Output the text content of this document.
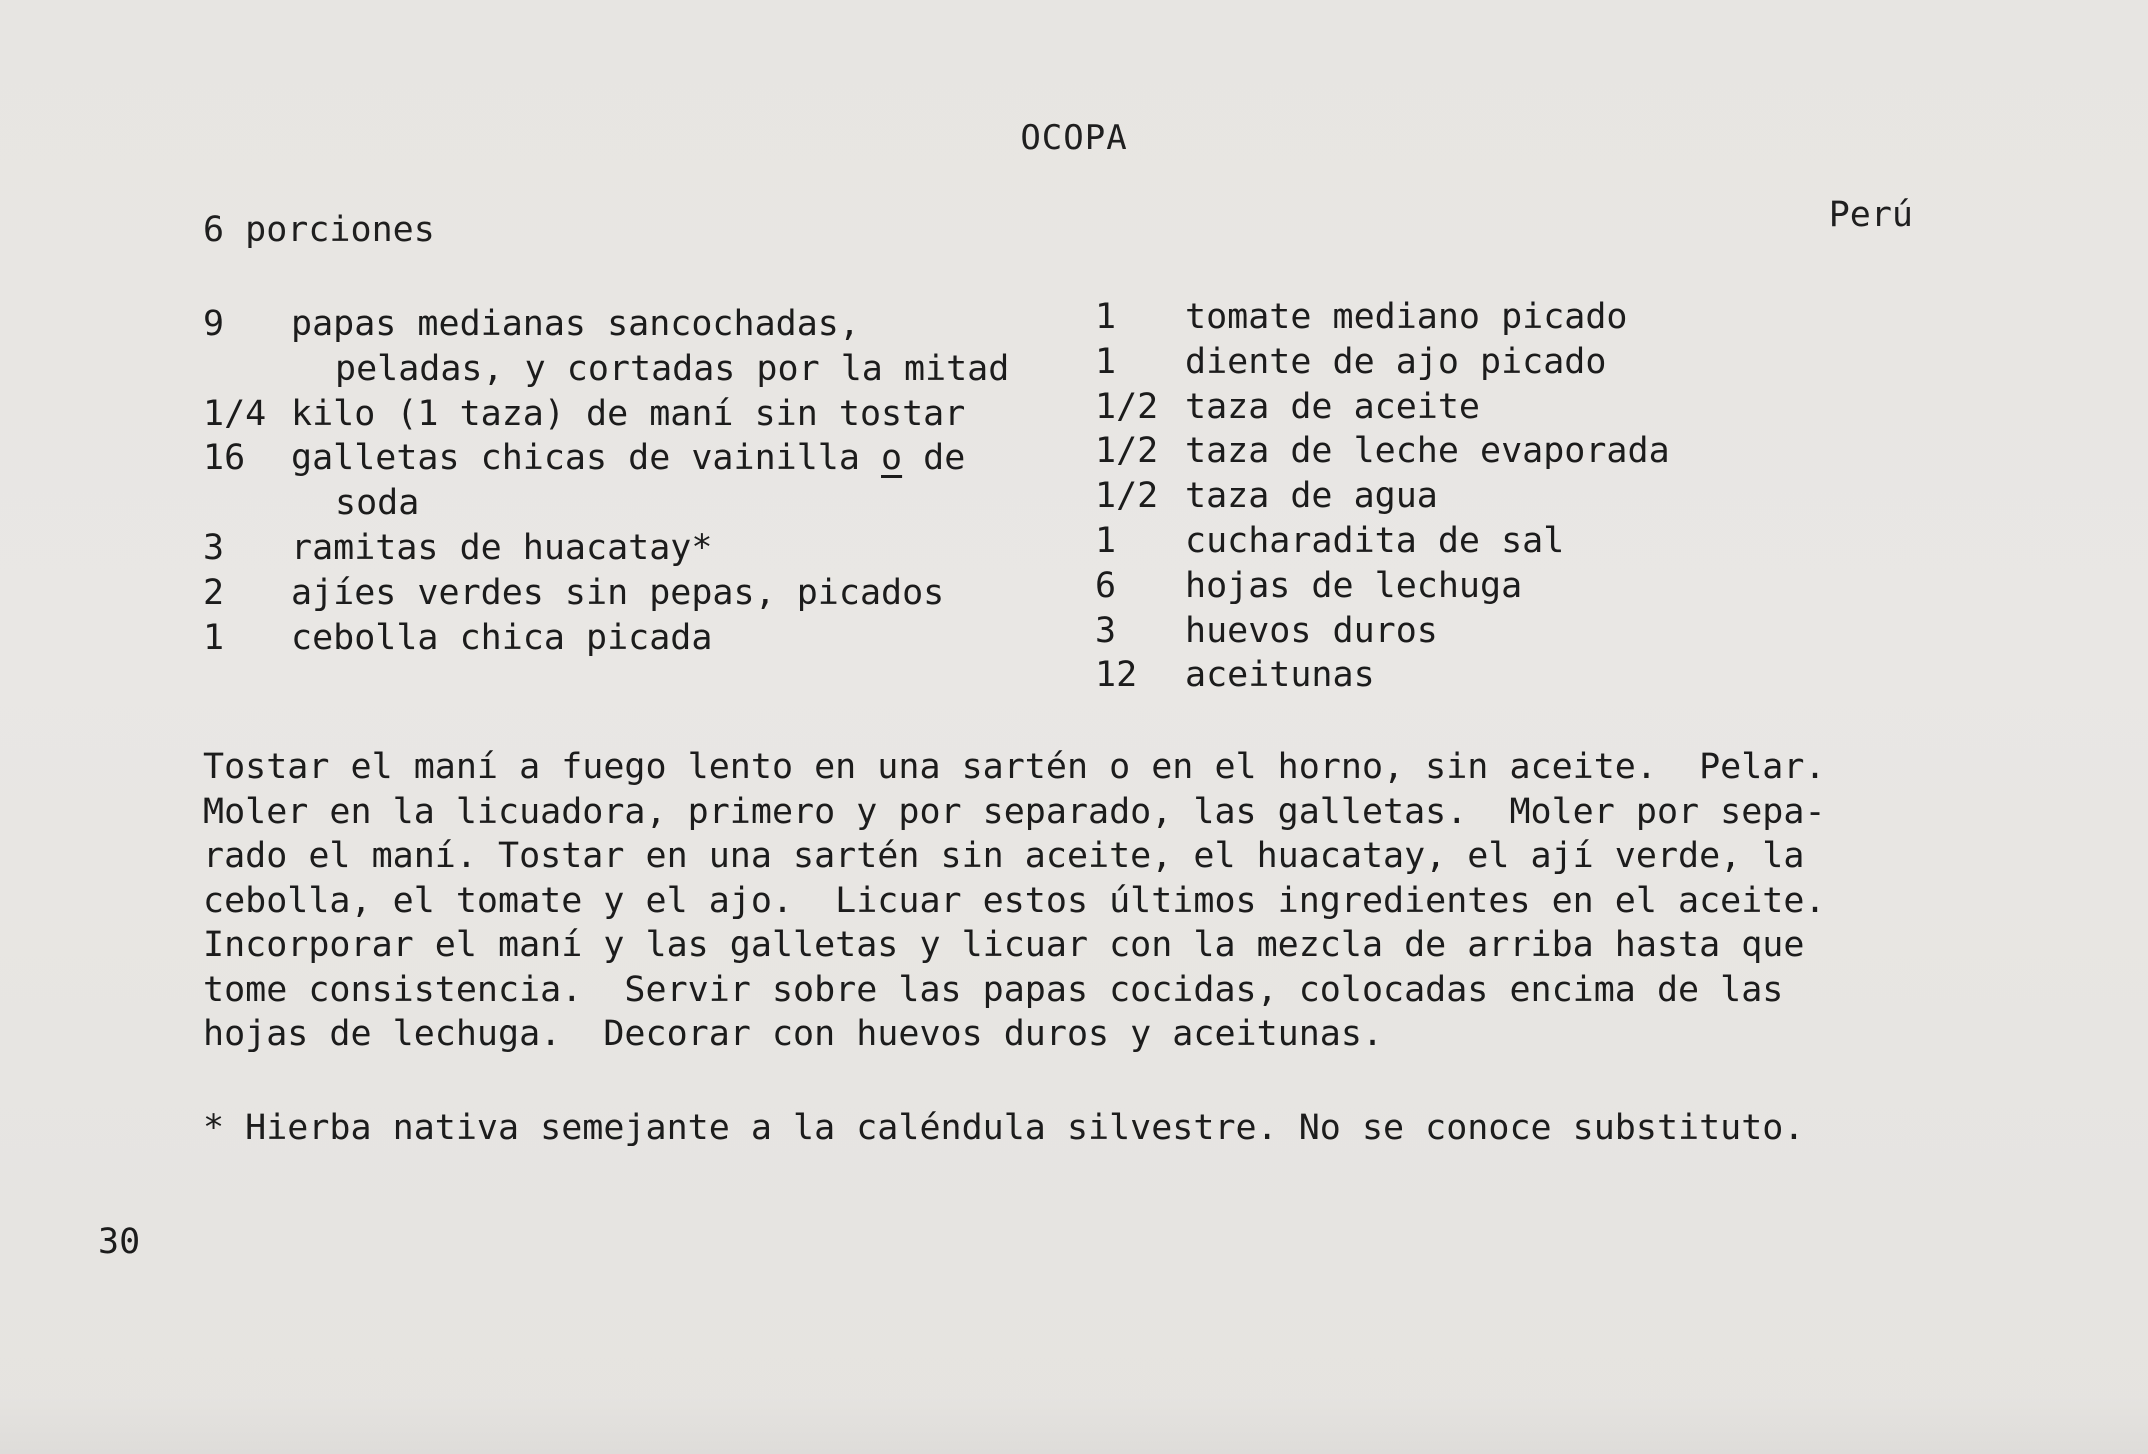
OCOPA
6 porciones	Perú
9	papas medianas sancochadas,
peladas, y cortadas por la mitad
1/4 kilo (1 taza) de maní sin tostar
16	galletas chicas de vainilla o de
soda
3	ramitas de huacatay*
2	ajíes verdes sin pepas, picados
1	cebolla chica picada
1	tomate mediano picado
1	diente de ajo picado
1/2 taza de aceite
1/2 taza de leche evaporada
1/2 taza de agua
1	cucharadita de sal
6	hojas de lechuga
3	huevos duros
12	aceitunas
Tostar el maní a fuego lento en una sartén o en el horno, sin aceite.  Pelar.
Moler en la licuadora, primero y por separado, las galletas.  Moler por sepa-
rado el maní. Tostar en una sartén sin aceite, el huacatay, el ají verde, la
cebolla, el tomate y el ajo.  Licuar estos últimos ingredientes en el aceite.
Incorporar el maní y las galletas y licuar con la mezcla de arriba hasta que
tome consistencia.  Servir sobre las papas cocidas, colocadas encima de las
hojas de lechuga.  Decorar con huevos duros y aceitunas.
* Hierba nativa semejante a la caléndula silvestre. No se conoce substituto.
30
